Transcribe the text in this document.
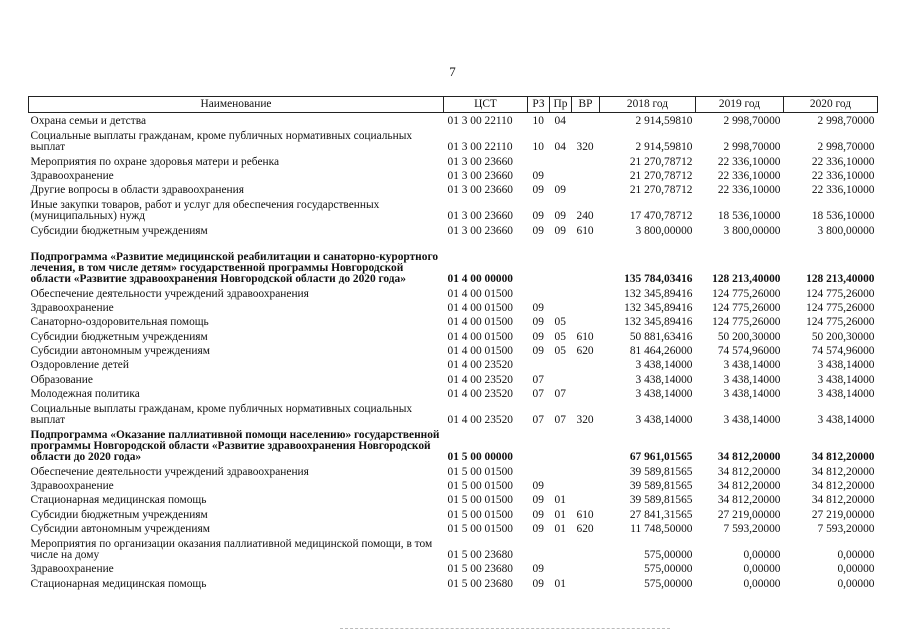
7
Наименование	ЦСТ	РЗ	Пр	ВР	2018 год	2019 год	2020 год
Охрана семьи и детства	01 3 00 22110	10	04		2 914,59810	2 998,70000	2 998,70000
Социальные выплаты гражданам, кроме публичных нормативных социальных выплат	01 3 00 22110	10	04	320	2 914,59810	2 998,70000	2 998,70000
Мероприятия по охране здоровья матери и ребенка	01 3 00 23660				21 270,78712	22 336,10000	22 336,10000
Здравоохранение	01 3 00 23660	09			21 270,78712	22 336,10000	22 336,10000
Другие вопросы в области здравоохранения	01 3 00 23660	09	09		21 270,78712	22 336,10000	22 336,10000
Иные закупки товаров, работ и услуг для обеспечения государственных (муниципальных) нужд	01 3 00 23660	09	09	240	17 470,78712	18 536,10000	18 536,10000
Субсидии бюджетным учреждениям	01 3 00 23660	09	09	610	3 800,00000	3 800,00000	3 800,00000
Подпрограмма «Развитие медицинской реабилитации и санаторно-курортного лечения, в том числе детям» государственной программы Новгородской области «Развитие здравоохранения Новгородской области до 2020 года»	01 4 00 00000				135 784,03416	128 213,40000	128 213,40000
Обеспечение деятельности учреждений здравоохранения	01 4 00 01500				132 345,89416	124 775,26000	124 775,26000
Здравоохранение	01 4 00 01500	09			132 345,89416	124 775,26000	124 775,26000
Санаторно-оздоровительная помощь	01 4 00 01500	09	05		132 345,89416	124 775,26000	124 775,26000
Субсидии бюджетным учреждениям	01 4 00 01500	09	05	610	50 881,63416	50 200,30000	50 200,30000
Субсидии автономным учреждениям	01 4 00 01500	09	05	620	81 464,26000	74 574,96000	74 574,96000
Оздоровление детей	01 4 00 23520				3 438,14000	3 438,14000	3 438,14000
Образование	01 4 00 23520	07			3 438,14000	3 438,14000	3 438,14000
Молодежная политика	01 4 00 23520	07	07		3 438,14000	3 438,14000	3 438,14000
Социальные выплаты гражданам, кроме публичных нормативных социальных выплат	01 4 00 23520	07	07	320	3 438,14000	3 438,14000	3 438,14000
Подпрограмма «Оказание паллиативной помощи населению» государственной программы Новгородской области «Развитие здравоохранения Новгородской области до 2020 года»	01 5 00 00000				67 961,01565	34 812,20000	34 812,20000
Обеспечение деятельности учреждений здравоохранения	01 5 00 01500				39 589,81565	34 812,20000	34 812,20000
Здравоохранение	01 5 00 01500	09			39 589,81565	34 812,20000	34 812,20000
Стационарная медицинская помощь	01 5 00 01500	09	01		39 589,81565	34 812,20000	34 812,20000
Субсидии бюджетным учреждениям	01 5 00 01500	09	01	610	27 841,31565	27 219,00000	27 219,00000
Субсидии автономным учреждениям	01 5 00 01500	09	01	620	11 748,50000	7 593,20000	7 593,20000
Мероприятия по организации оказания паллиативной медицинской помощи, в том числе на дому	01 5 00 23680				575,00000	0,00000	0,00000
Здравоохранение	01 5 00 23680	09			575,00000	0,00000	0,00000
Стационарная медицинская помощь	01 5 00 23680	09	01		575,00000	0,00000	0,00000
